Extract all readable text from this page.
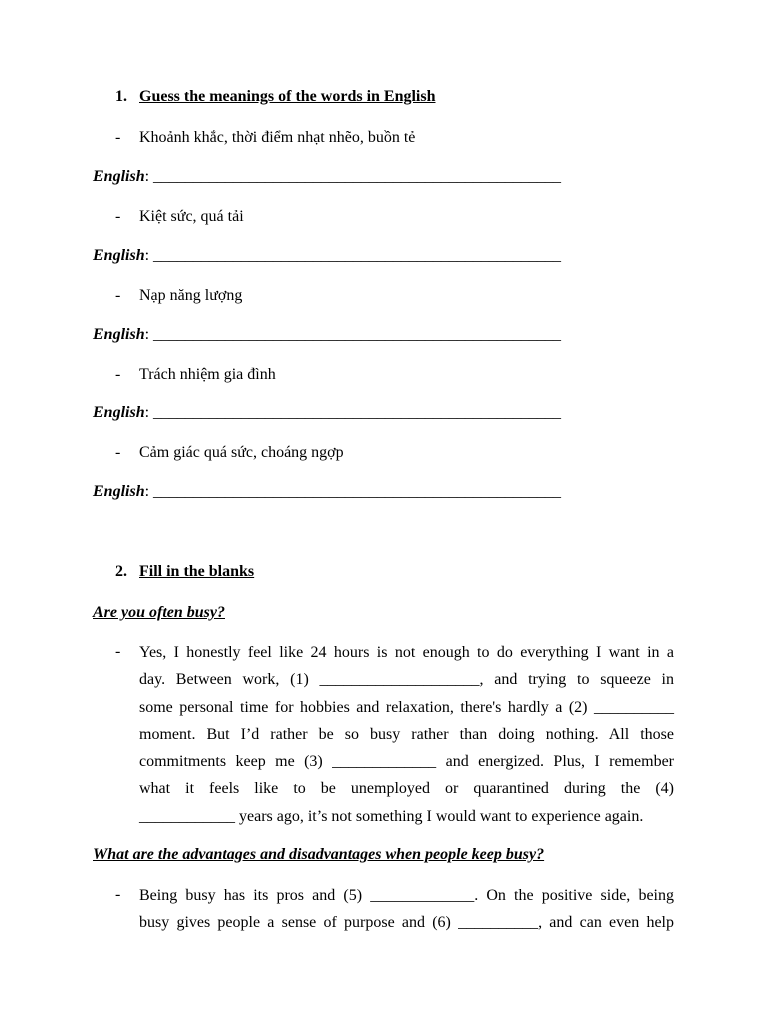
1. Guess the meanings of the words in English
- Khoảnh khắc, thời điểm nhạt nhẽo, buồn tẻ
English: ___________________________________________________
- Kiệt sức, quá tải
English: ___________________________________________________
- Nạp năng lượng
English: ___________________________________________________
- Trách nhiệm gia đình
English: ___________________________________________________
- Cảm giác quá sức, choáng ngợp
English: ___________________________________________________
2. Fill in the blanks
Are you often busy?
- Yes, I honestly feel like 24 hours is not enough to do everything I want in a
day. Between work, (1) ____________________, and trying to squeeze in
some personal time for hobbies and relaxation, there's hardly a (2) __________
moment. But I’d rather be so busy rather than doing nothing. All those
commitments keep me (3) _____________ and energized. Plus, I remember
what it feels like to be unemployed or quarantined during the (4)
____________ years ago, it’s not something I would want to experience again.
What are the advantages and disadvantages when people keep busy?
- Being busy has its pros and (5) _____________. On the positive side, being
busy gives people a sense of purpose and (6) __________, and can even help
